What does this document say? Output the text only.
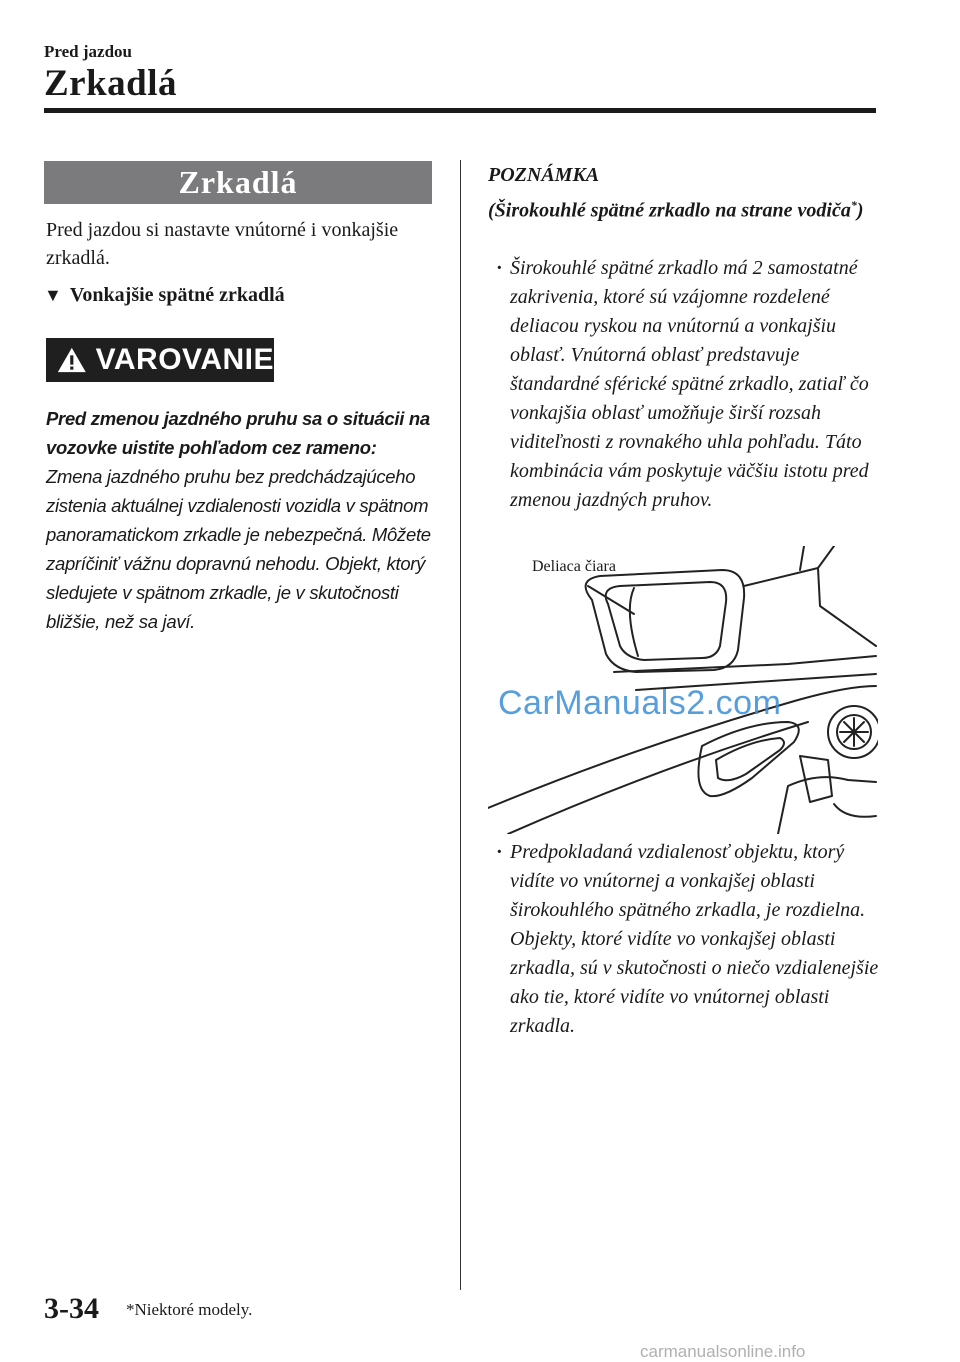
Pred jazdou
Zrkadlá
Zrkadlá
Pred jazdou si nastavte vnútorné i vonkajšie zrkadlá.
▼ Vonkajšie spätné zrkadlá
VAROVANIE
Pred zmenou jazdného pruhu sa o situácii na vozovke uistite pohľadom cez rameno: Zmena jazdného pruhu bez predchádzajúceho zistenia aktuálnej vzdialenosti vozidla v spätnom panoramatickom zrkadle je nebezpečná. Môžete zapríčiniť vážnu dopravnú nehodu. Objekt, ktorý sledujete v spätnom zrkadle, je v skutočnosti bližšie, než sa javí.
POZNÁMKA
(Širokouhlé spätné zrkadlo na strane vodiča*)
· Širokouhlé spätné zrkadlo má 2 samostatné zakrivenia, ktoré sú vzájomne rozdelené deliacou ryskou na vnútornú a vonkajšiu oblasť. Vnútorná oblasť predstavuje štandardné sférické spätné zrkadlo, zatiaľ čo vonkajšia oblasť umožňuje širší rozsah viditeľnosti z rovnakého uhla pohľadu. Táto kombinácia vám poskytuje väčšiu istotu pred zmenou jazdných pruhov.
Deliaca čiara
CarManuals2.com
· Predpokladaná vzdialenosť objektu, ktorý vidíte vo vnútornej a vonkajšej oblasti širokouhlého spätného zrkadla, je rozdielna. Objekty, ktoré vidíte vo vonkajšej oblasti zrkadla, sú v skutočnosti o niečo vzdialenejšie ako tie, ktoré vidíte vo vnútornej oblasti zrkadla.
3-34 *Niektoré modely.
carmanualsonline.info
